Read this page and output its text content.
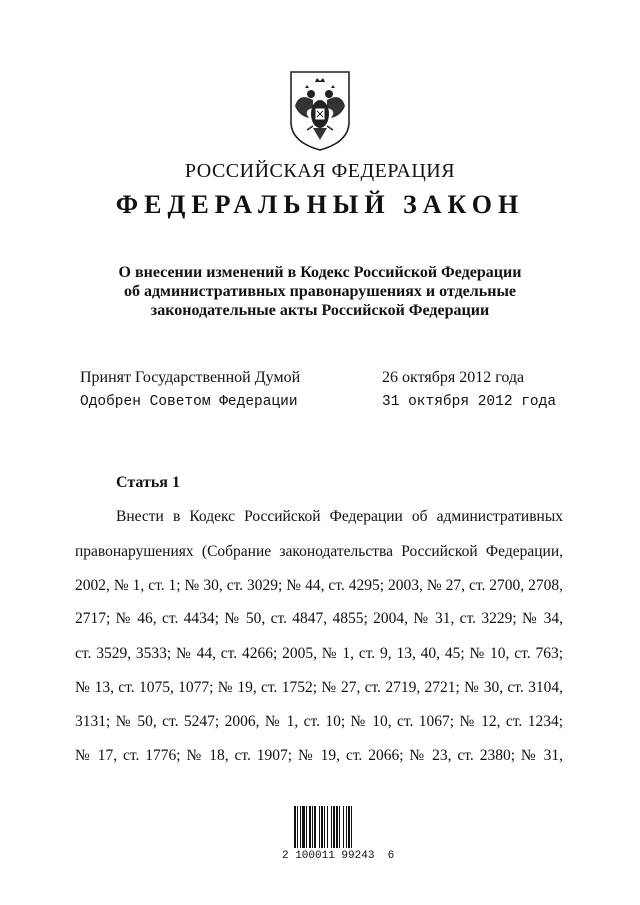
РОССИЙСКАЯ ФЕДЕРАЦИЯ
ФЕДЕРАЛЬНЫЙ ЗАКОН
О внесении изменений в Кодекс Российской Федерации
об административных правонарушениях и отдельные
законодательные акты Российской Федерации
Принят Государственной Думой	26 октября 2012 года
Одобрен Советом Федерации	31 октября 2012 года
Статья 1
Внести в Кодекс Российской Федерации об административных
правонарушениях (Собрание законодательства Российской Федерации,
2002, № 1, ст. 1; № 30, ст. 3029; № 44, ст. 4295; 2003, № 27, ст. 2700, 2708,
2717; № 46, ст. 4434; № 50, ст. 4847, 4855; 2004, № 31, ст. 3229; № 34,
ст. 3529, 3533; № 44, ст. 4266; 2005, № 1, ст. 9, 13, 40, 45; № 10, ст. 763;
№ 13, ст. 1075, 1077; № 19, ст. 1752; № 27, ст. 2719, 2721; № 30, ст. 3104,
3131; № 50, ст. 5247; 2006, № 1, ст. 10; № 10, ст. 1067; № 12, ст. 1234;
№ 17, ст. 1776; № 18, ст. 1907; № 19, ст. 2066; № 23, ст. 2380; № 31,
2 100011 99243  6
